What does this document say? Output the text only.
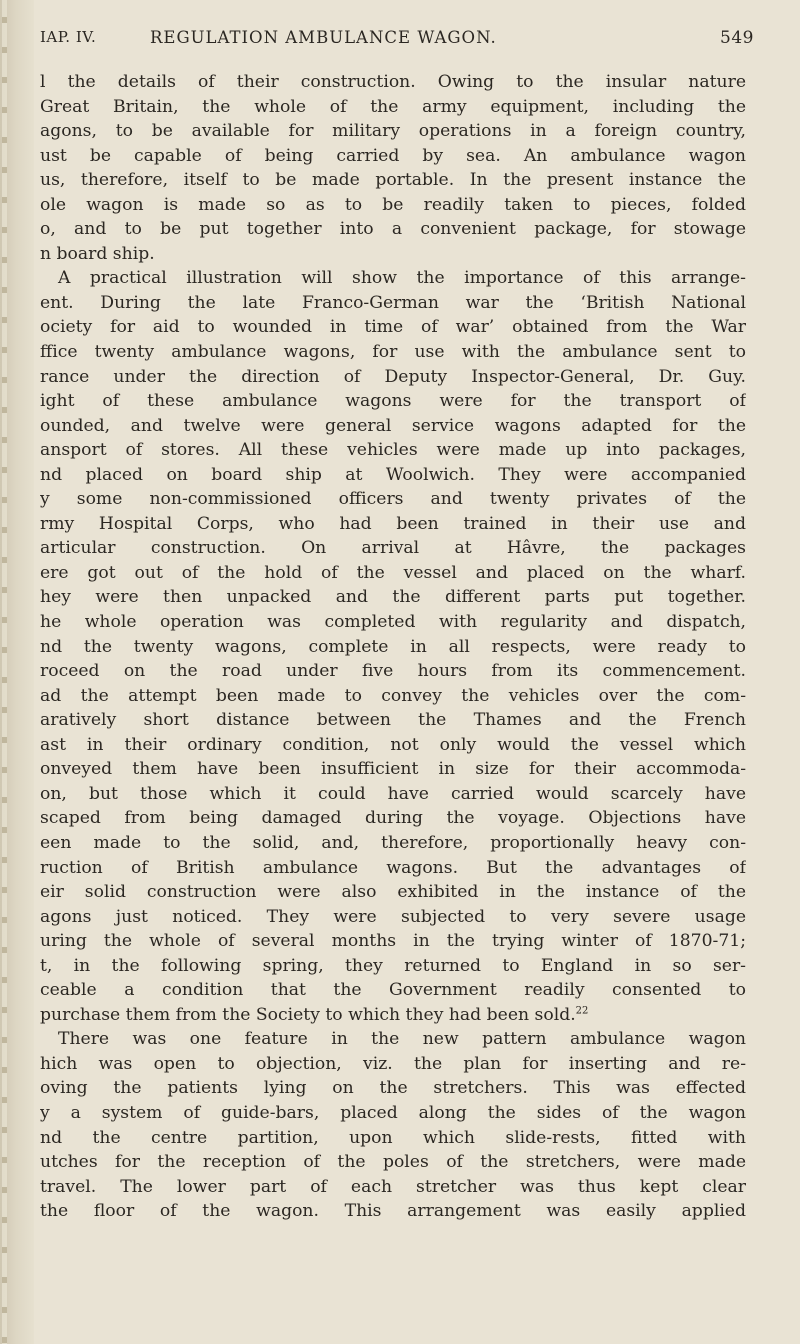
IAP. IV.	REGULATION AMBULANCE WAGON.	549
l the details of their construction. Owing to the insular nature
Great Britain, the whole of the army equipment, including the
agons, to be available for military operations in a foreign country,
ust be capable of being carried by sea. An ambulance wagon
us, therefore, itself to be made portable. In the present instance the
ole wagon is made so as to be readily taken to pieces, folded
o, and to be put together into a convenient package, for stowage
n board ship.
A practical illustration will show the importance of this arrange-
ent. During the late Franco-German war the ‘British National
ociety for aid to wounded in time of war’ obtained from the War
ffice twenty ambulance wagons, for use with the ambulance sent to
rance under the direction of Deputy Inspector-General, Dr. Guy.
ight of these ambulance wagons were for the transport of
ounded, and twelve were general service wagons adapted for the
ansport of stores. All these vehicles were made up into packages,
nd placed on board ship at Woolwich. They were accompanied
y some non-commissioned officers and twenty privates of the
rmy Hospital Corps, who had been trained in their use and
articular construction. On arrival at Hâvre, the packages
ere got out of the hold of the vessel and placed on the wharf.
hey were then unpacked and the different parts put together.
he whole operation was completed with regularity and dispatch,
nd the twenty wagons, complete in all respects, were ready to
roceed on the road under five hours from its commencement.
ad the attempt been made to convey the vehicles over the com-
aratively short distance between the Thames and the French
ast in their ordinary condition, not only would the vessel which
onveyed them have been insufficient in size for their accommoda-
on, but those which it could have carried would scarcely have
scaped from being damaged during the voyage. Objections have
een made to the solid, and, therefore, proportionally heavy con-
ruction of British ambulance wagons. But the advantages of
eir solid construction were also exhibited in the instance of the
agons just noticed. They were subjected to very severe usage
uring the whole of several months in the trying winter of 1870-71;
t, in the following spring, they returned to England in so ser-
ceable a condition that the Government readily consented to
purchase them from the Society to which they had been sold.$^{22}$
There was one feature in the new pattern ambulance wagon
hich was open to objection, viz. the plan for inserting and re-
oving the patients lying on the stretchers. This was effected
y a system of guide-bars, placed along the sides of the wagon
nd the centre partition, upon which slide-rests, fitted with
utches for the reception of the poles of the stretchers, were made
travel. The lower part of each stretcher was thus kept clear
the floor of the wagon. This arrangement was easily applied
